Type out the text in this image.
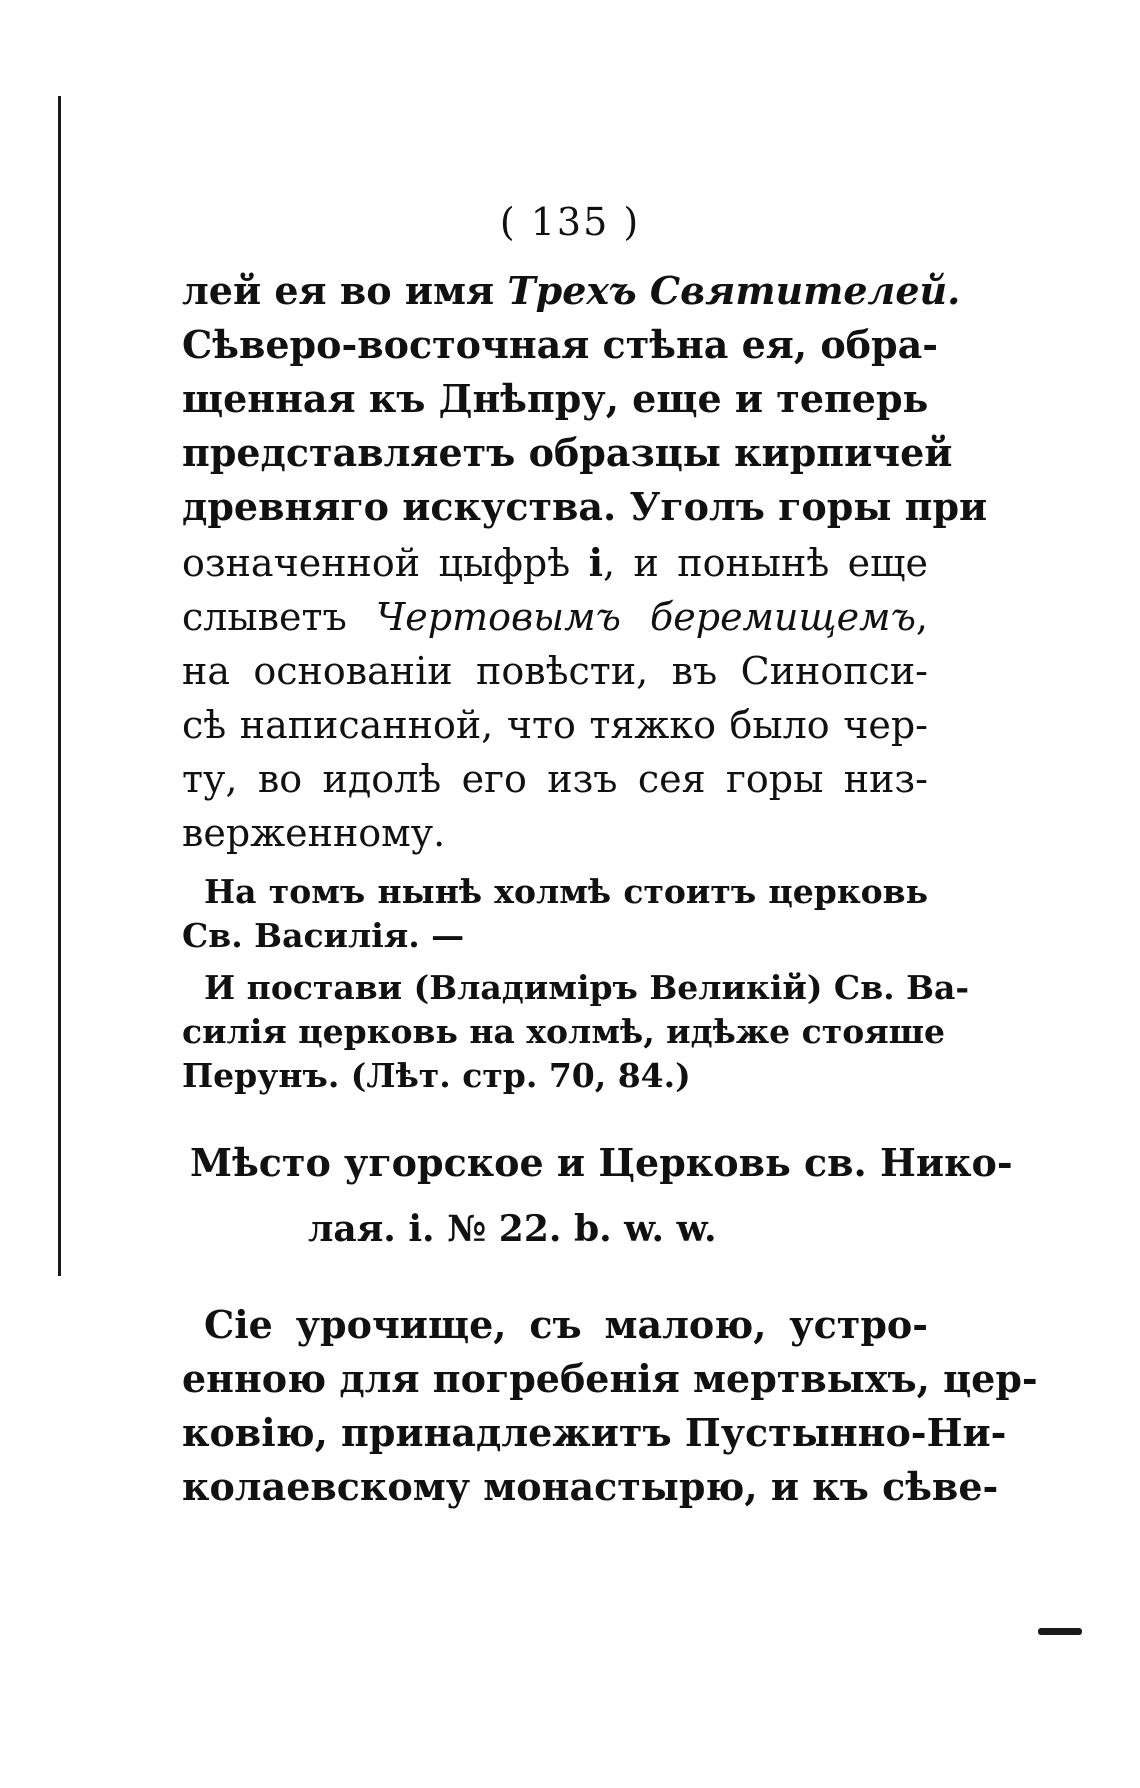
( 135 )
лей ея во имя Трехъ Святителей.
Сѣверо-восточная стѣна ея, обра-
щенная къ Днѣпру, еще и теперь
представляетъ образцы кирпичей
древняго искуства. Уголъ горы при
означенной цыфрѣ і, и понынѣ еще
слыветъ Чертовымъ беремищемъ,
на основаніи повѣсти, въ Синопси-
сѣ написанной, что тяжко было чер-
ту, во идолѣ его изъ сея горы низ-
верженному.
На томъ нынѣ холмѣ стоитъ церковь
Св. Василія. —
И постави (Владиміръ Великій) Св. Ва-
силія церковь на холмѣ, идѣже стояше
Перунъ. (Лѣт. стр. 70, 84.)
Мѣсто угорское и Церковь св. Нико-
лая. і. № 22. b. w. w.
Сіе урочище, съ малою, устро-
енною для погребенія мертвыхъ, цер-
ковію, принадлежитъ Пустынно-Ни-
колаевскому монастырю, и къ сѣве-
